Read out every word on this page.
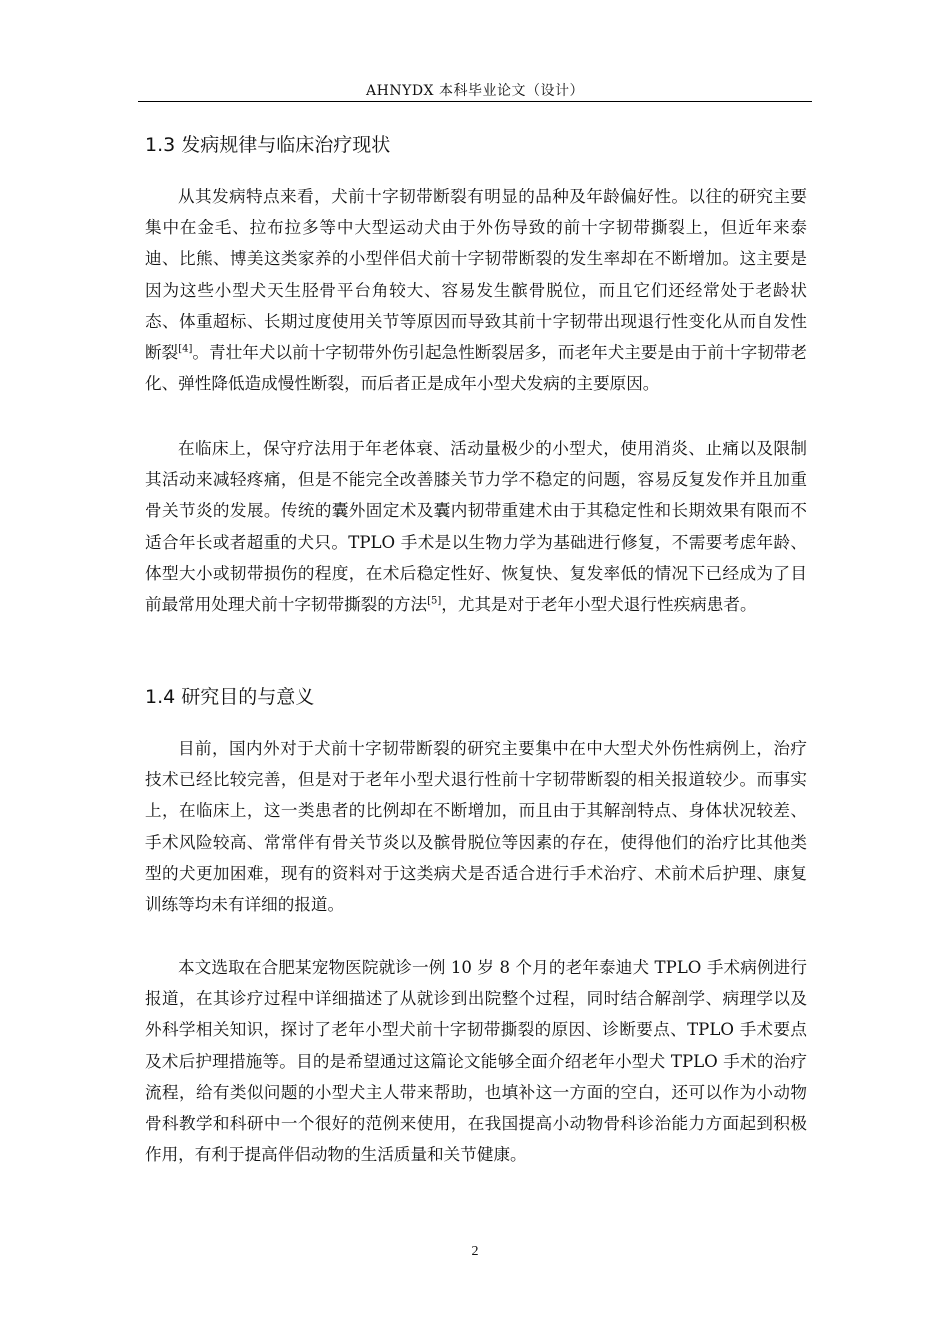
AHNYDX 本科毕业论文（设计）
1.3 发病规律与临床治疗现状

从其发病特点来看，犬前十字韧带断裂有明显的品种及年龄偏好性。以往的研究主要集中在金毛、拉布拉多等中大型运动犬由于外伤导致的前十字韧带撕裂上，但近年来泰迪、比熊、博美这类家养的小型伴侣犬前十字韧带断裂的发生率却在不断增加。这主要是因为这些小型犬天生胫骨平台角较大、容易发生髌骨脱位，而且它们还经常处于老龄状态、体重超标、长期过度使用关节等原因而导致其前十字韧带出现退行性变化从而自发性断裂[4]。青壮年犬以前十字韧带外伤引起急性断裂居多，而老年犬主要是由于前十字韧带老化、弹性降低造成慢性断裂，而后者正是成年小型犬发病的主要原因。

在临床上，保守疗法用于年老体衰、活动量极少的小型犬，使用消炎、止痛以及限制其活动来减轻疼痛，但是不能完全改善膝关节力学不稳定的问题，容易反复发作并且加重骨关节炎的发展。传统的囊外固定术及囊内韧带重建术由于其稳定性和长期效果有限而不适合年长或者超重的犬只。TPLO 手术是以生物力学为基础进行修复，不需要考虑年龄、体型大小或韧带损伤的程度，在术后稳定性好、恢复快、复发率低的情况下已经成为了目前最常用处理犬前十字韧带撕裂的方法[5]，尤其是对于老年小型犬退行性疾病患者。

1.4 研究目的与意义

目前，国内外对于犬前十字韧带断裂的研究主要集中在中大型犬外伤性病例上，治疗技术已经比较完善，但是对于老年小型犬退行性前十字韧带断裂的相关报道较少。而事实上，在临床上，这一类患者的比例却在不断增加，而且由于其解剖特点、身体状况较差、手术风险较高、常常伴有骨关节炎以及髌骨脱位等因素的存在，使得他们的治疗比其他类型的犬更加困难，现有的资料对于这类病犬是否适合进行手术治疗、术前术后护理、康复训练等均未有详细的报道。

本文选取在合肥某宠物医院就诊一例 10 岁 8 个月的老年泰迪犬 TPLO 手术病例进行报道，在其诊疗过程中详细描述了从就诊到出院整个过程，同时结合解剖学、病理学以及外科学相关知识，探讨了老年小型犬前十字韧带撕裂的原因、诊断要点、TPLO 手术要点及术后护理措施等。目的是希望通过这篇论文能够全面介绍老年小型犬 TPLO 手术的治疗流程，给有类似问题的小型犬主人带来帮助，也填补这一方面的空白，还可以作为小动物骨科教学和科研中一个很好的范例来使用，在我国提高小动物骨科诊治能力方面起到积极作用，有利于提高伴侣动物的生活质量和关节健康。

2
